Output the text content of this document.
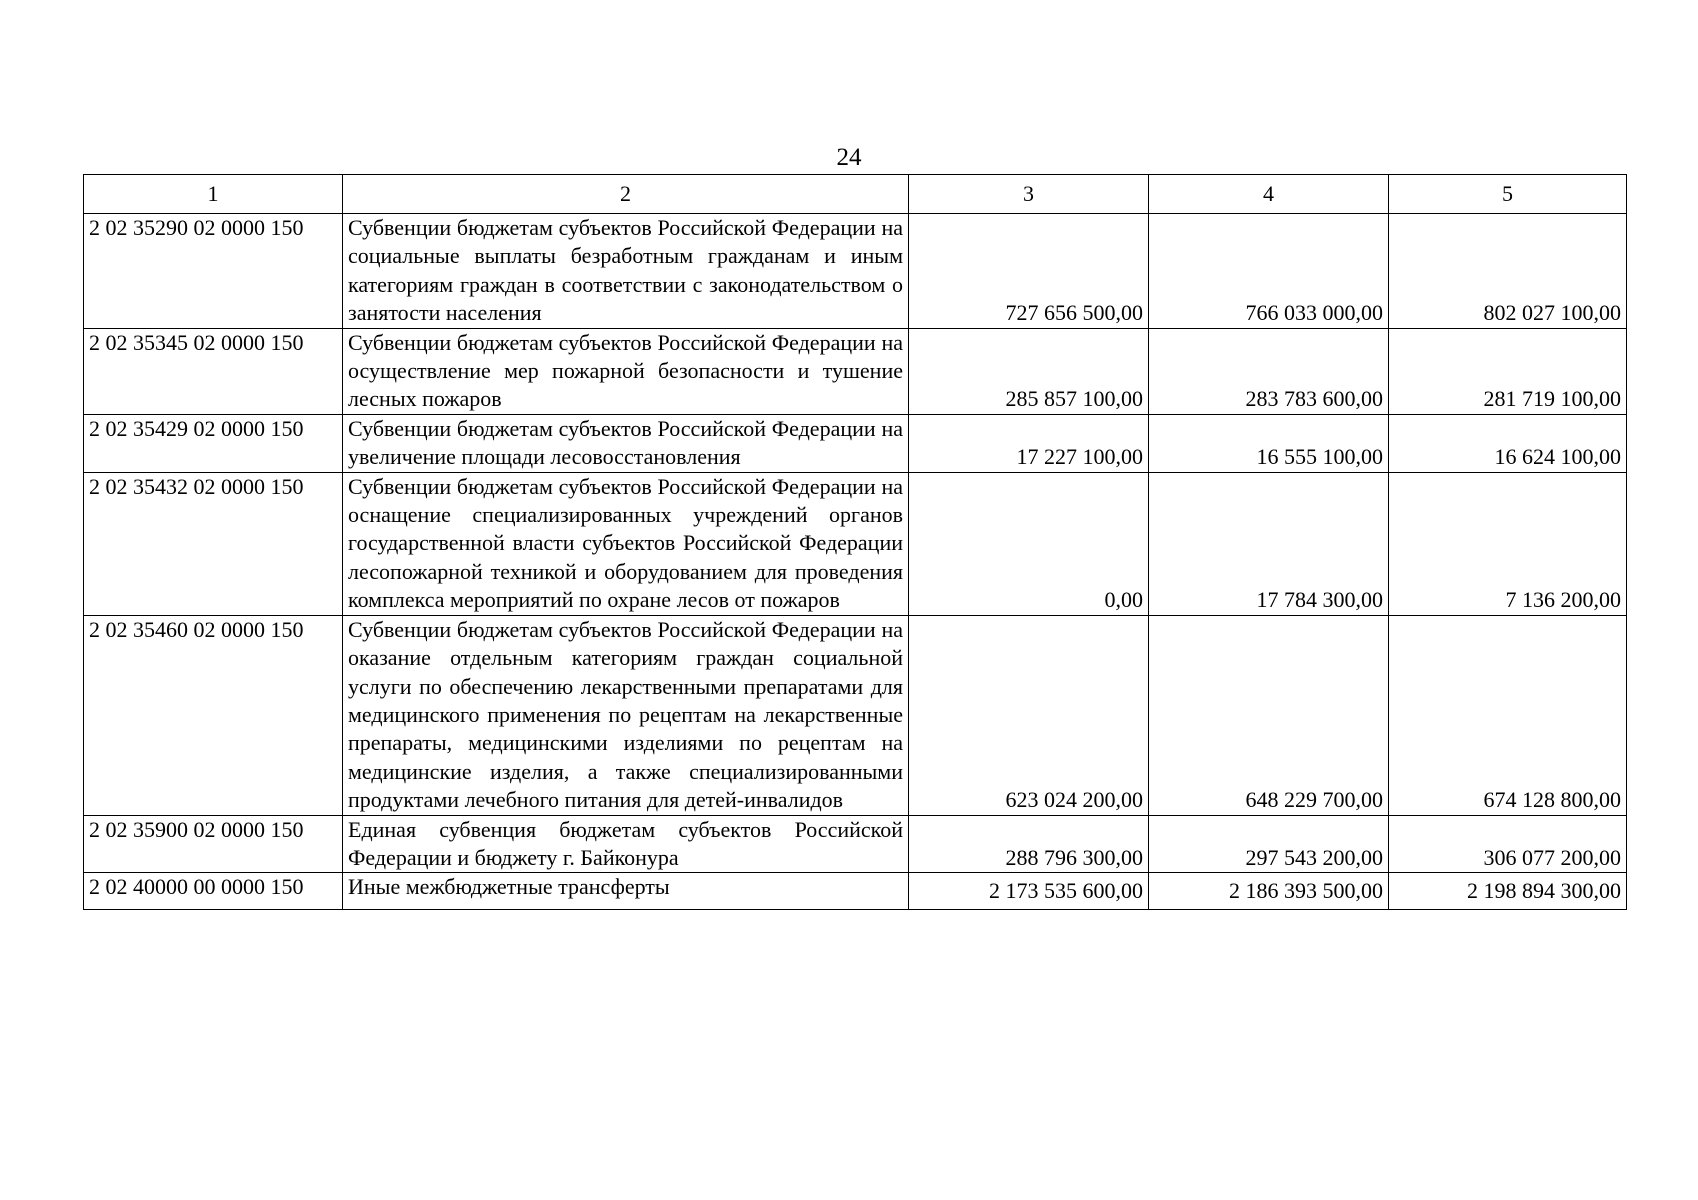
24
1	2	3	4	5
2 02 35290 02 0000 150	Субвенции бюджетам субъектов Российской Федерации на социальные выплаты безработным гражданам и иным категориям граждан в соответствии с законодательством о занятости населения	727 656 500,00	766 033 000,00	802 027 100,00
2 02 35345 02 0000 150	Субвенции бюджетам субъектов Российской Федерации на осуществление мер пожарной безопасности и тушение лесных пожаров	285 857 100,00	283 783 600,00	281 719 100,00
2 02 35429 02 0000 150	Субвенции бюджетам субъектов Российской Федерации на увеличение площади лесовосстановления	17 227 100,00	16 555 100,00	16 624 100,00
2 02 35432 02 0000 150	Субвенции бюджетам субъектов Российской Федерации на оснащение специализированных учреждений органов государственной власти субъектов Российской Федерации лесопожарной техникой и оборудованием для проведения комплекса мероприятий по охране лесов от пожаров	0,00	17 784 300,00	7 136 200,00
2 02 35460 02 0000 150	Субвенции бюджетам субъектов Российской Федерации на оказание отдельным категориям граждан социальной услуги по обеспечению лекарственными препаратами для медицинского применения по рецептам на лекарственные препараты, медицинскими изделиями по рецептам на медицинские изделия, а также специализированными продуктами лечебного питания для детей-инвалидов	623 024 200,00	648 229 700,00	674 128 800,00
2 02 35900 02 0000 150	Единая субвенция бюджетам субъектов Российской Федерации и бюджету г. Байконура	288 796 300,00	297 543 200,00	306 077 200,00
2 02 40000 00 0000 150	Иные межбюджетные трансферты	2 173 535 600,00	2 186 393 500,00	2 198 894 300,00
